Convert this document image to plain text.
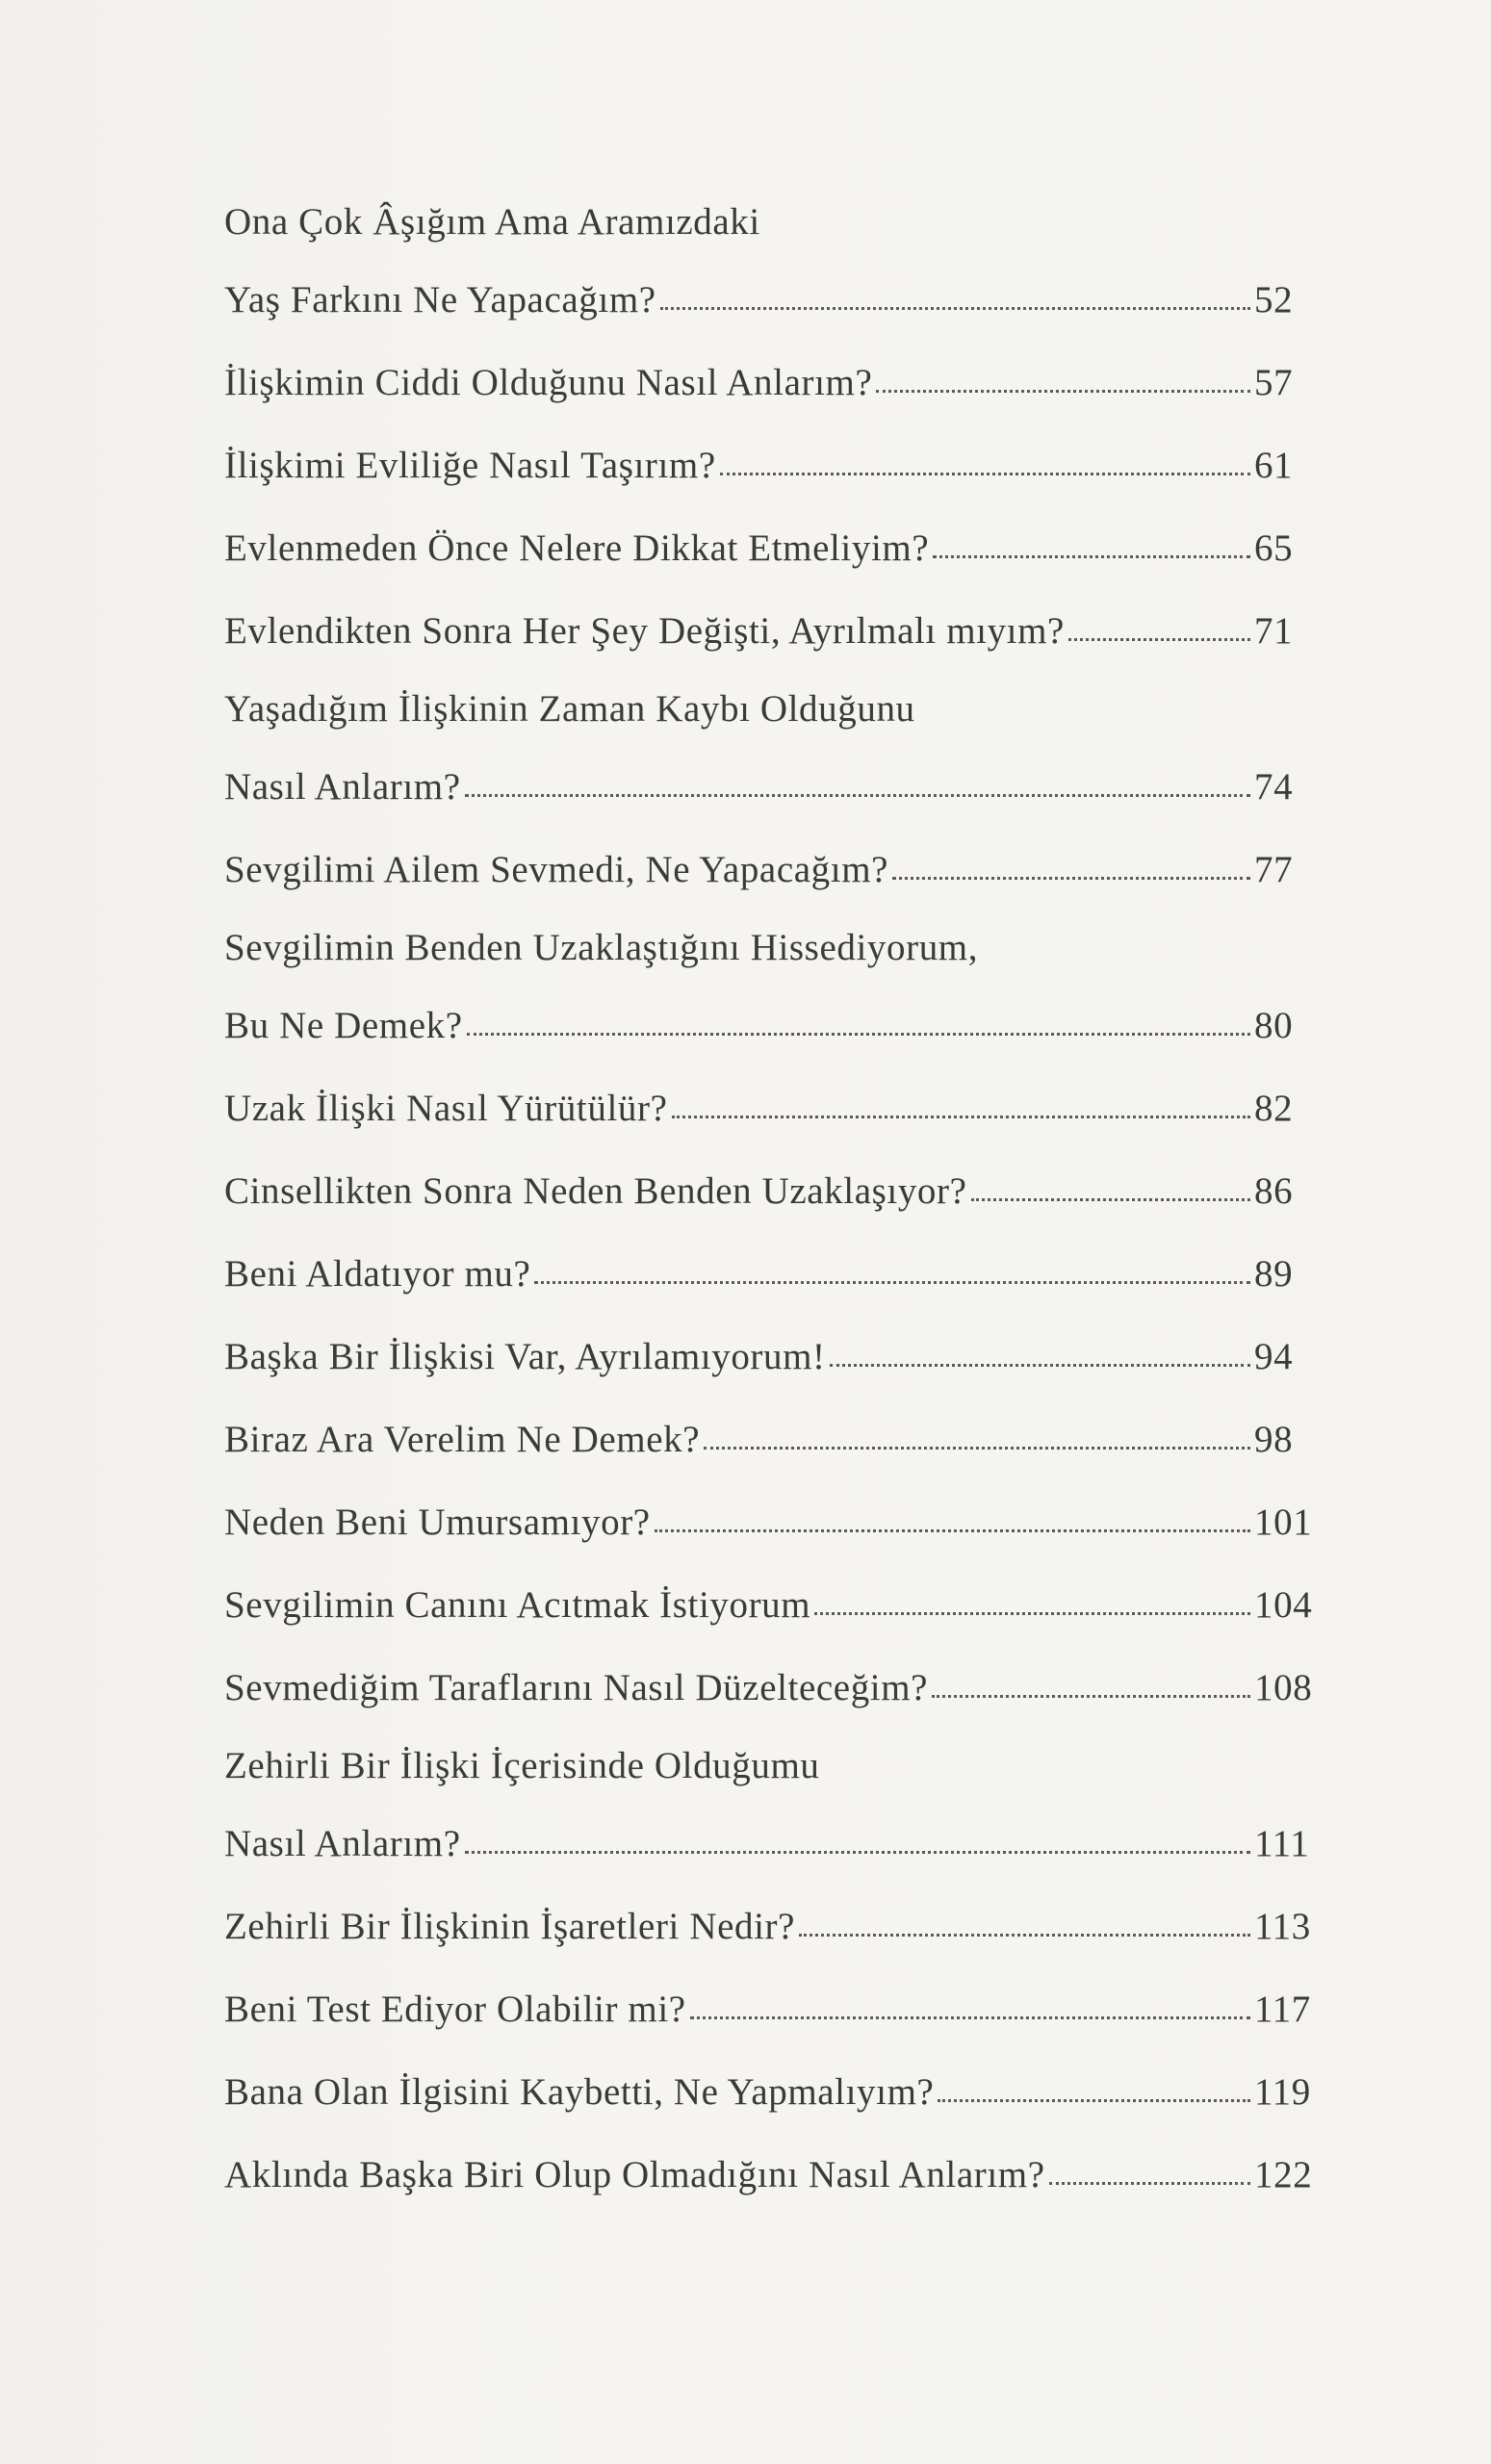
Ona Çok Âşığım Ama Aramızdaki
Yaş Farkını Ne Yapacağım?	52
İlişkimin Ciddi Olduğunu Nasıl Anlarım?	57
İlişkimi Evliliğe Nasıl Taşırım?	61
Evlenmeden Önce Nelere Dikkat Etmeliyim?	65
Evlendikten Sonra Her Şey Değişti, Ayrılmalı mıyım?	71
Yaşadığım İlişkinin Zaman Kaybı Olduğunu
Nasıl Anlarım?	74
Sevgilimi Ailem Sevmedi, Ne Yapacağım?	77
Sevgilimin Benden Uzaklaştığını Hissediyorum,
Bu Ne Demek?	80
Uzak İlişki Nasıl Yürütülür?	82
Cinsellikten Sonra Neden Benden Uzaklaşıyor?	86
Beni Aldatıyor mu?	89
Başka Bir İlişkisi Var, Ayrılamıyorum!	94
Biraz Ara Verelim Ne Demek?	98
Neden Beni Umursamıyor?	101
Sevgilimin Canını Acıtmak İstiyorum	104
Sevmediğim Taraflarını Nasıl Düzelteceğim?	108
Zehirli Bir İlişki İçerisinde Olduğumu
Nasıl Anlarım?	111
Zehirli Bir İlişkinin İşaretleri Nedir?	113
Beni Test Ediyor Olabilir mi?	117
Bana Olan İlgisini Kaybetti, Ne Yapmalıyım?	119
Aklında Başka Biri Olup Olmadığını Nasıl Anlarım?	122
